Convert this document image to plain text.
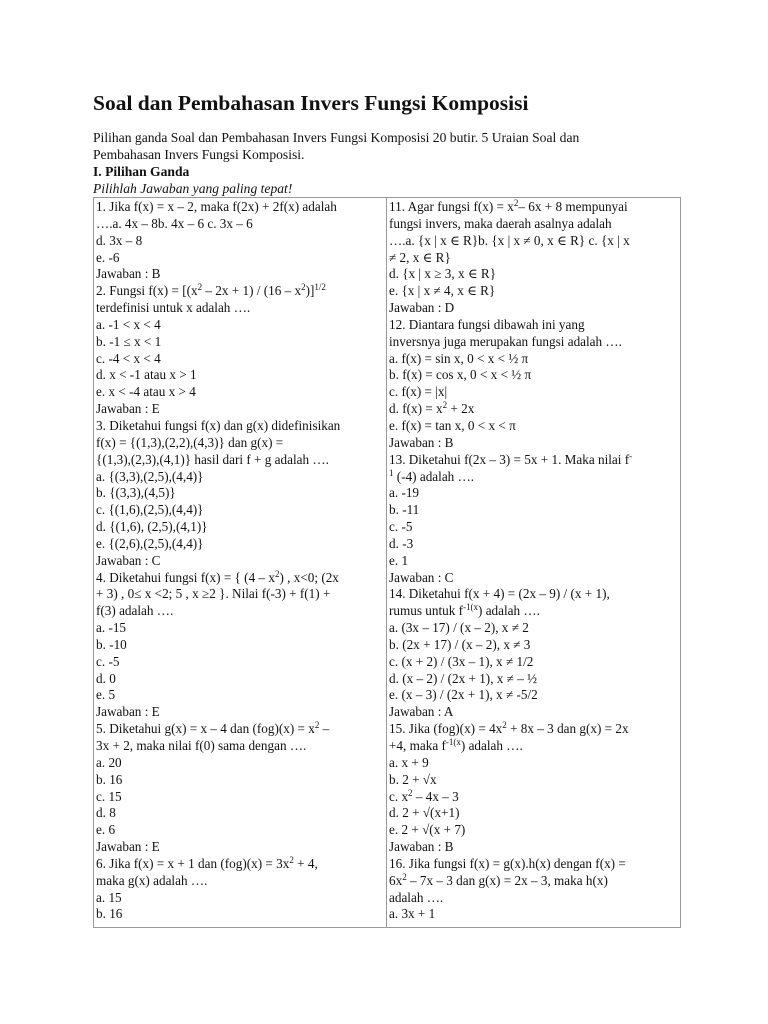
Soal dan Pembahasan Invers Fungsi Komposisi
Pilihan ganda Soal dan Pembahasan Invers Fungsi Komposisi 20 butir. 5 Uraian Soal dan
Pembahasan Invers Fungsi Komposisi.
I. Pilihan Ganda
Pilihlah Jawaban yang paling tepat!
1. Jika f(x) = x – 2, maka f(2x) + 2f(x) adalah
….a. 4x – 8b. 4x – 6 c. 3x – 6
d. 3x – 8
e. -6
Jawaban : B
2. Fungsi $f(x) = [(x^2 - 2x + 1) / (16 - x^2)]^{1/2}$
terdefinisi untuk x adalah ….
a. -1 < x < 4
b. -1 ≤ x < 1
c. -4 < x < 4
d. x < -1 atau x > 1
e. x < -4 atau x > 4
Jawaban : E
3. Diketahui fungsi f(x) dan g(x) didefinisikan
f(x) = {(1,3),(2,2),(4,3)} dan g(x) =
{(1,3),(2,3),(4,1)} hasil dari f + g adalah ….
a. {(3,3),(2,5),(4,4)}
b. {(3,3),(4,5)}
c. {(1,6),(2,5),(4,4)}
d. {(1,6), (2,5),(4,1)}
e. {(2,6),(2,5),(4,4)}
Jawaban : C
4. Diketahui fungsi f(x) = { $(4 - x^2)$ , x<0; (2x
+ 3) , 0≤ x <2; 5 , x ≥2 }. Nilai f(-3) + f(1) +
f(3) adalah ….
a. -15
b. -10
c. -5
d. 0
e. 5
Jawaban : E
5. Diketahui g(x) = x – 4 dan $(fog)(x) = x^2$ –
3x + 2, maka nilai f(0) sama dengan ….
a. 20
b. 16
c. 15
d. 8
e. 6
Jawaban : E
6. Jika f(x) = x + 1 dan $(fog)(x) = 3x^2 + 4$,
maka g(x) adalah ….
a. 15
b. 16

11. Agar fungsi $f(x) = x^2-$ 6x + 8 mempunyai
fungsi invers, maka daerah asalnya adalah
….a. {x | x ∈ R}b. {x | x ≠ 0, x ∈ R} c. {x | x
≠ 2, x ∈ R}
d. {x | x ≥ 3, x ∈ R}
e. {x | x ≠ 4, x ∈ R}
Jawaban : D
12. Diantara fungsi dibawah ini yang
inversnya juga merupakan fungsi adalah ….
a. f(x) = sin x, 0 < x < ½ π
b. f(x) = cos x, 0 < x < ½ π
c. f(x) = |x|
d. $f(x) = x^2 + 2x$
e. f(x) = tan x, 0 < x < π
Jawaban : B
13. Diketahui f(2x – 3) = 5x + 1. Maka nilai f-
$^1$ (-4) adalah ….
a. -19
b. -11
c. -5
d. -3
e. 1
Jawaban : C
14. Diketahui f(x + 4) = (2x – 9) / (x + 1),
rumus untuk $f^{-1(x}$) adalah ….
a. (3x – 17) / (x – 2), x ≠ 2
b. (2x + 17) / (x – 2), x ≠ 3
c. (x + 2) / (3x – 1), x ≠ 1/2
d. (x – 2) / (2x + 1), x ≠ – ½
e. (x – 3) / (2x + 1), x ≠ -5/2
Jawaban : A
15. Jika $(fog)(x) = 4x^2 + 8x - 3$ dan g(x) = 2x
+4, maka $f^{-1(x}$) adalah ….
a. x + 9
b. 2 + √x
c. $x^2 - 4x - 3$
d. 2 + √(x+1)
e. 2 + √(x + 7)
Jawaban : B
16. Jika fungsi f(x) = g(x).h(x) dengan f(x) =
$6x^2 - 7x - 3$ dan g(x) = 2x – 3, maka h(x)
adalah ….
a. 3x + 1
